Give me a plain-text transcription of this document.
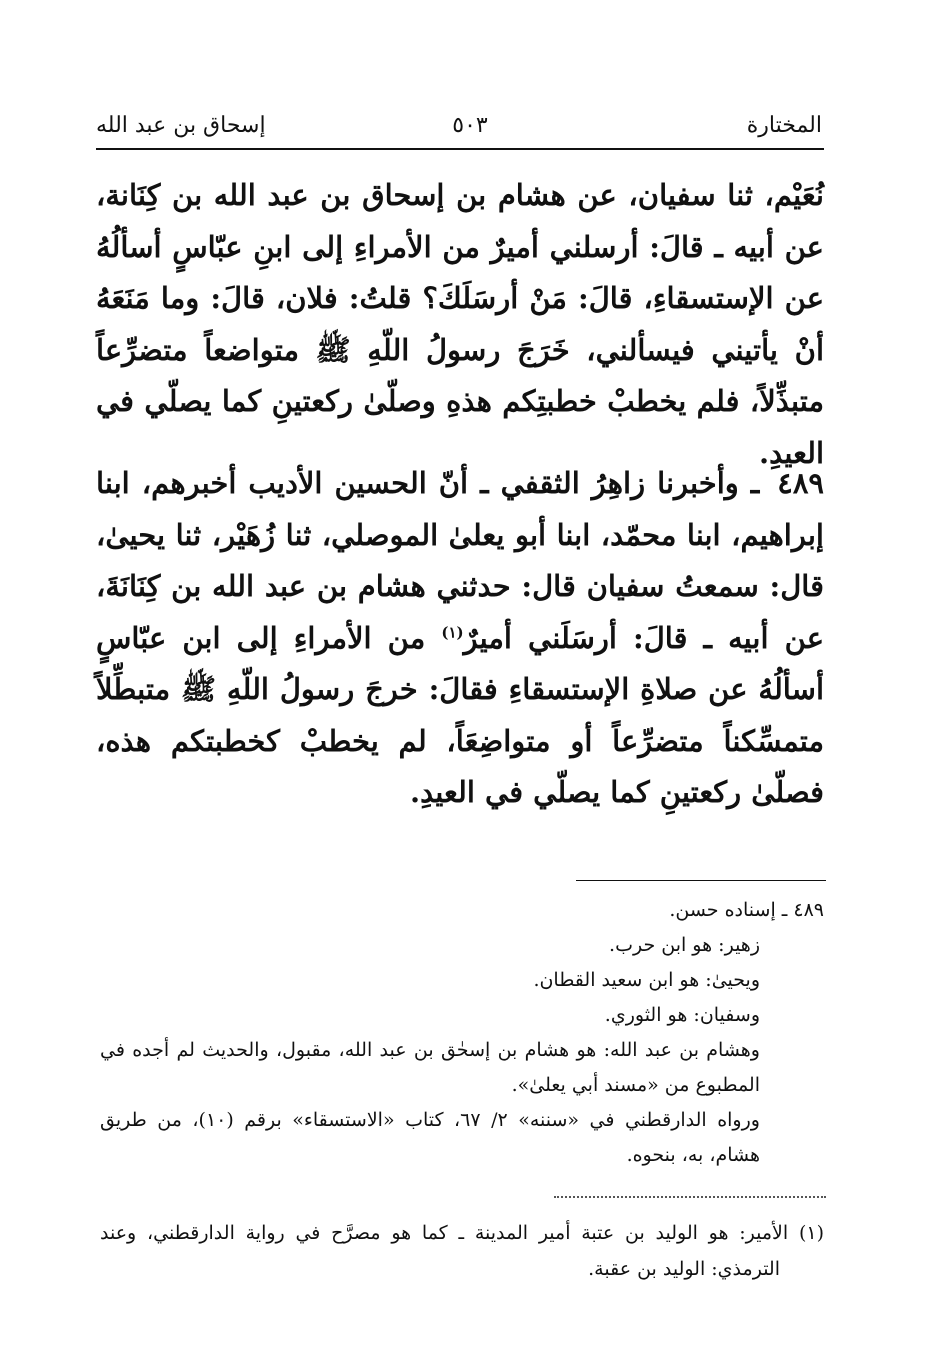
المختارة
٥٠٣
إسحاق بن عبد الله
نُعَيْم، ثنا سفيان، عن هشام بن إسحاق بن عبد الله بن كِنَانة، عن أبيه ـ قالَ: أرسلني أميرٌ من الأمراءِ إلى ابنِ عبّاسٍ أسألُهُ عن الإستسقاءِ، قالَ: مَنْ أرسَلَكَ؟ قلتُ: فلان، قالَ: وما مَنَعَهُ أنْ يأتيني فيسألني، خَرَجَ رسولُ اللّهِ ﷺ متواضعاً متضرِّعاً متبذِّلاً، فلم يخطبْ خطبتِكم هذهِ وصلّىٰ ركعتينِ كما يصلّي في العيدِ.
٤٨٩ ـ وأخبرنا زاهِرُ الثقفي ـ أنّ الحسين الأديب أخبرهم، ابنا إبراهيم، ابنا محمّد، ابنا أبو يعلىٰ الموصلي، ثنا زُهَيْر، ثنا يحيىٰ، قال: سمعتُ سفيان قال: حدثني هشام بن عبد الله بن كِنَانَةَ، عن أبيه ـ قالَ: أرسَلَني أميرٌ$^{(١)}$ من الأمراءِ إلى ابن عبّاسٍ أسألُهُ عن صلاةِ الإستسقاءِ فقالَ: خرجَ رسولُ اللّهِ ﷺ متبطِّلاً متمسِّكناً متضرِّعاً أو متواضِعَاً، لم يخطبْ كخطبتكم هذه، فصلّىٰ ركعتينِ كما يصلّي في العيدِ.
٤٨٩ ـ إسناده حسن.
زهير: هو ابن حرب.
ويحيىٰ: هو ابن سعيد القطان.
وسفيان: هو الثوري.
وهشام بن عبد الله: هو هشام بن إسحٰق بن عبد الله، مقبول، والحديث لم أجده في المطبوع من «مسند أبي يعلىٰ».
ورواه الدارقطني في «سننه» ٢/ ٦٧، كتاب «الاستسقاء» برقم (١٠)، من طريق هشام، به، بنحوه.
(١) الأمير: هو الوليد بن عتبة أمير المدينة ـ كما هو مصرَّح في رواية الدارقطني، وعند الترمذي: الوليد بن عقبة.
